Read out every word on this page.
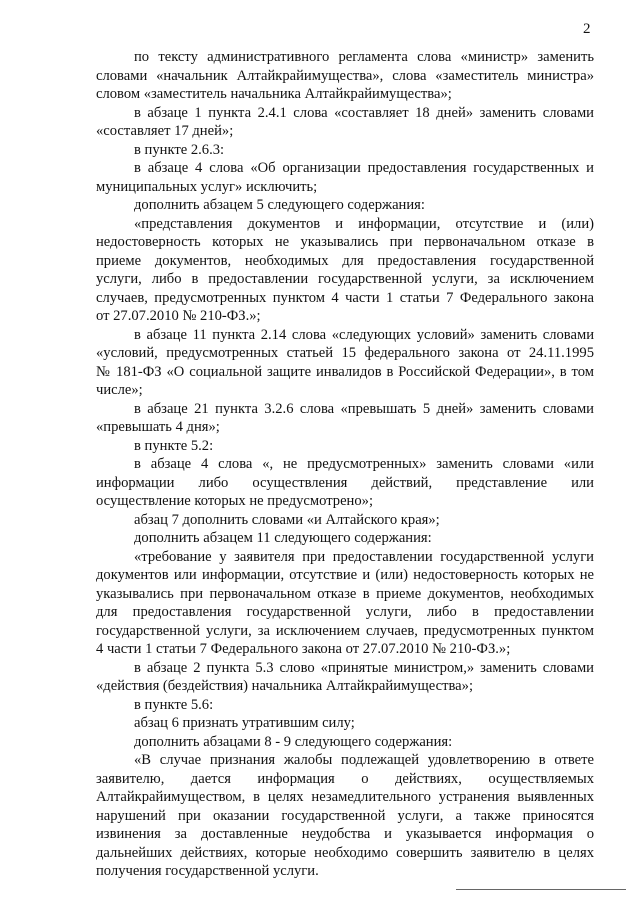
2
по тексту административного регламента слова «министр» заменить
словами «начальник Алтайкрайимущества», слова «заместитель министра»
словом «заместитель начальника Алтайкрайимущества»;
в абзаце 1 пункта 2.4.1 слова «составляет 18 дней» заменить словами
«составляет 17 дней»;
в пункте 2.6.3:
в абзаце 4 слова «Об организации предоставления государственных и
муниципальных услуг» исключить;
дополнить абзацем 5 следующего содержания:
«представления документов и информации, отсутствие и (или)
недостоверность которых не указывались при первоначальном отказе в
приеме документов, необходимых для предоставления государственной
услуги, либо в предоставлении государственной услуги, за исключением
случаев, предусмотренных пунктом 4 части 1 статьи 7 Федерального закона
от 27.07.2010 № 210-ФЗ.»;
в абзаце 11 пункта 2.14 слова «следующих условий» заменить словами
«условий, предусмотренных статьей 15 федерального закона от 24.11.1995
№ 181-ФЗ «О социальной защите инвалидов в Российской Федерации», в том
числе»;
в абзаце 21 пункта 3.2.6 слова «превышать 5 дней» заменить словами
«превышать 4 дня»;
в пункте 5.2:
в абзаце 4 слова «, не предусмотренных» заменить словами «или
информации либо осуществления действий, представление или
осуществление которых не предусмотрено»;
абзац 7 дополнить словами «и Алтайского края»;
дополнить абзацем 11 следующего содержания:
«требование у заявителя при предоставлении государственной услуги
документов или информации, отсутствие и (или) недостоверность которых не
указывались при первоначальном отказе в приеме документов, необходимых
для предоставления государственной услуги, либо в предоставлении
государственной услуги, за исключением случаев, предусмотренных пунктом
4 части 1 статьи 7 Федерального закона от 27.07.2010 № 210-ФЗ.»;
в абзаце 2 пункта 5.3 слово «принятые министром,» заменить словами
«действия (бездействия) начальника Алтайкрайимущества»;
в пункте 5.6:
абзац 6 признать утратившим силу;
дополнить абзацами 8 - 9 следующего содержания:
«В случае признания жалобы подлежащей удовлетворению в ответе
заявителю, дается информация о действиях, осуществляемых
Алтайкрайимуществом, в целях незамедлительного устранения выявленных
нарушений при оказании государственной услуги, а также приносятся
извинения за доставленные неудобства и указывается информация о
дальнейших действиях, которые необходимо совершить заявителю в целях
получения государственной услуги.
